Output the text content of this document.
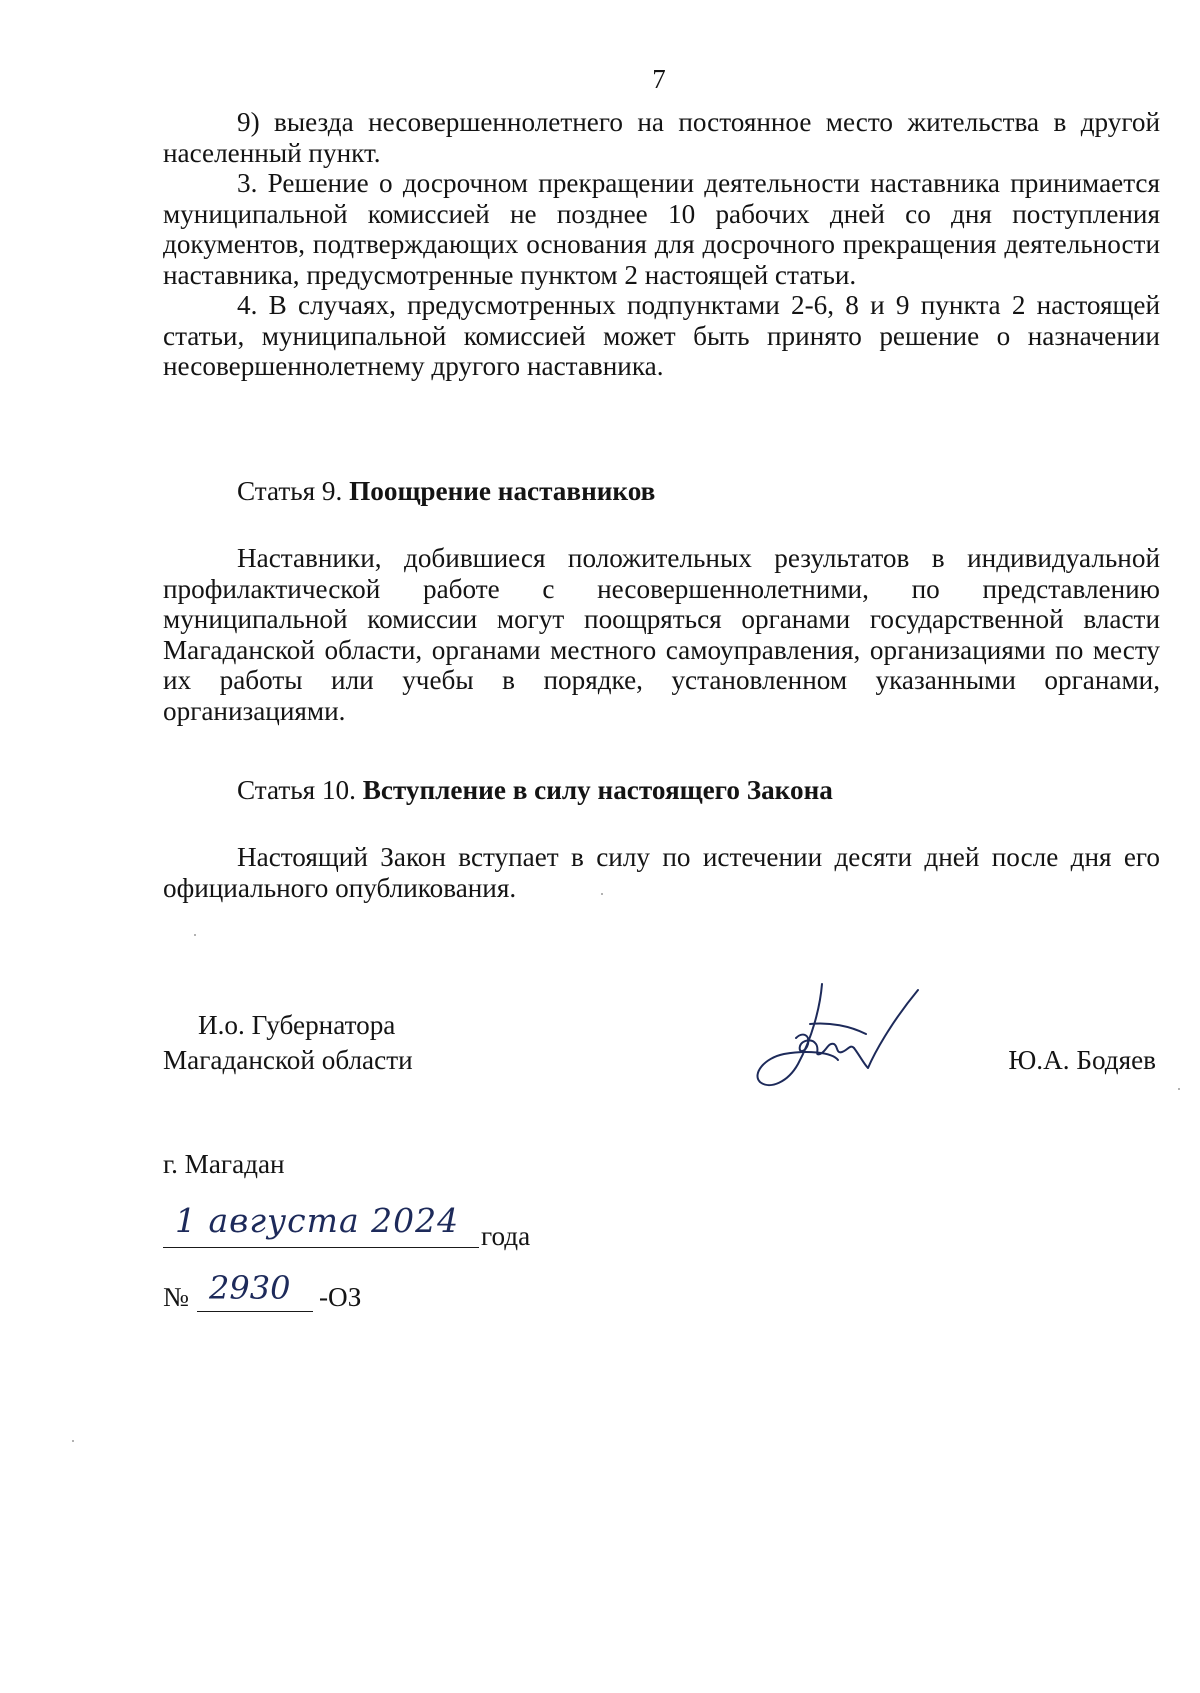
7

9) выезда несовершеннолетнего на постоянное место жительства в другой населенный пункт.

3. Решение о досрочном прекращении деятельности наставника принимается муниципальной комиссией не позднее 10 рабочих дней со дня поступления документов, подтверждающих основания для досрочного прекращения деятельности наставника, предусмотренные пунктом 2 настоящей статьи.

4. В случаях, предусмотренных подпунктами 2-6, 8 и 9 пункта 2 настоящей статьи, муниципальной комиссией может быть принято решение о назначении несовершеннолетнему другого наставника.

Статья 9. Поощрение наставников

Наставники, добившиеся положительных результатов в индивидуальной профилактической работе с несовершеннолетними, по представлению муниципальной комиссии могут поощряться органами государственной власти Магаданской области, органами местного самоуправления, организациями по месту их работы или учебы в порядке, установленном указанными органами, организациями.

Статья 10. Вступление в силу настоящего Закона

Настоящий Закон вступает в силу по истечении десяти дней после дня его официального опубликования.

И.о. Губернатора
Магаданской области	Ю.А. Бодяев
г. Магадан
1 августа 2024 года
№ 2930 -ОЗ
